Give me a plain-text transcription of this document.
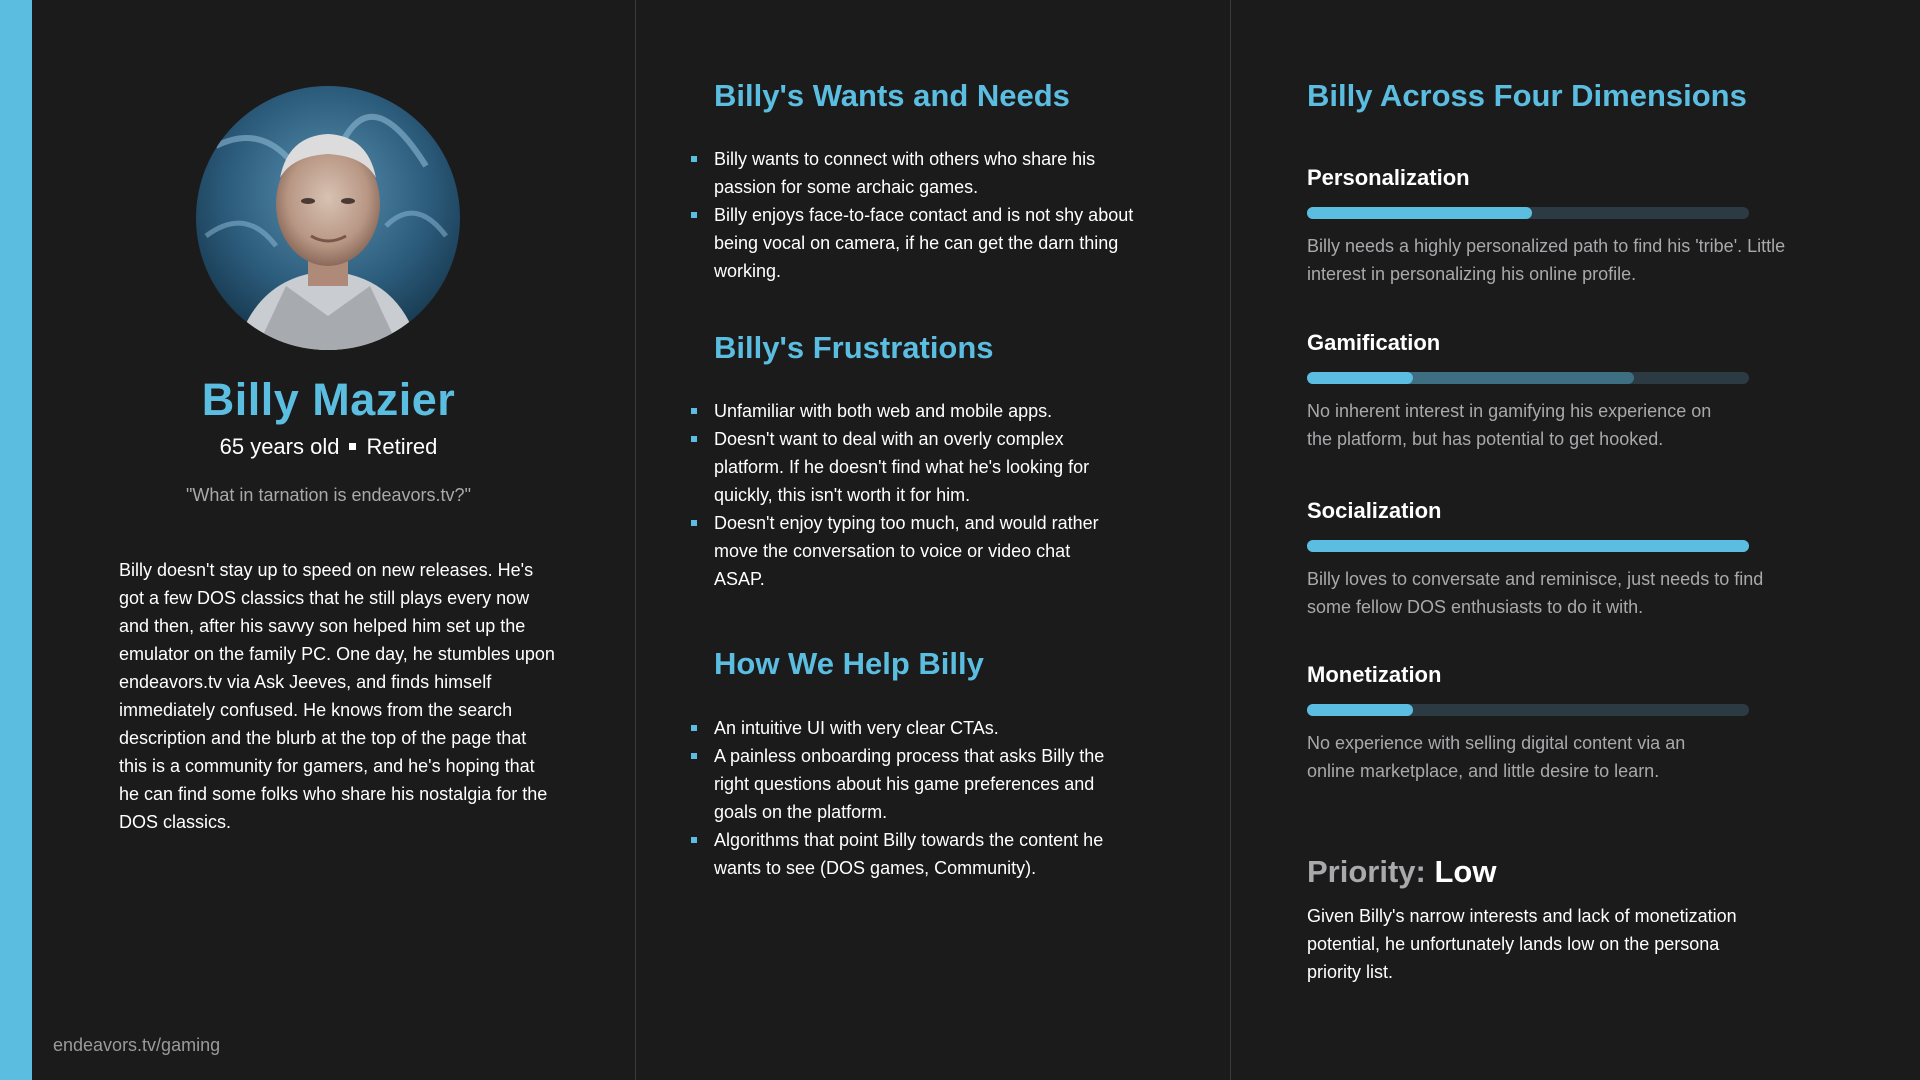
Billy Mazier
65 years old Retired
"What in tarnation is endeavors.tv?"

Billy doesn't stay up to speed on new releases. He's got a few DOS classics that he still plays every now and then, after his savvy son helped him set up the emulator on the family PC. One day, he stumbles upon endeavors.tv via Ask Jeeves, and finds himself immediately confused. He knows from the search description and the blurb at the top of the page that this is a community for gamers, and he's hoping that he can find some folks who share his nostalgia for the DOS classics.

endeavors.tv/gaming
Billy's Wants and Needs
Billy wants to connect with others who share his passion for some archaic games.
Billy enjoys face-to-face contact and is not shy about being vocal on camera, if he can get the darn thing working.
Billy's Frustrations
Unfamiliar with both web and mobile apps.
Doesn't want to deal with an overly complex platform. If he doesn't find what he's looking for quickly, this isn't worth it for him.
Doesn't enjoy typing too much, and would rather move the conversation to voice or video chat ASAP.
How We Help Billy
An intuitive UI with very clear CTAs.
A painless onboarding process that asks Billy the right questions about his game preferences and goals on the platform.
Algorithms that point Billy towards the content he wants to see (DOS games, Community).
Billy Across Four Dimensions
Personalization

Billy needs a highly personalized path to find his 'tribe'. Little interest in personalizing his online profile.

Gamification

No inherent interest in gamifying his experience on the platform, but has potential to get hooked.

Socialization

Billy loves to conversate and reminisce, just needs to find some fellow DOS enthusiasts to do it with.

Monetization

No experience with selling digital content via an online marketplace, and little desire to learn.

Priority: Low

Given Billy's narrow interests and lack of monetization potential, he unfortunately lands low on the persona priority list.
